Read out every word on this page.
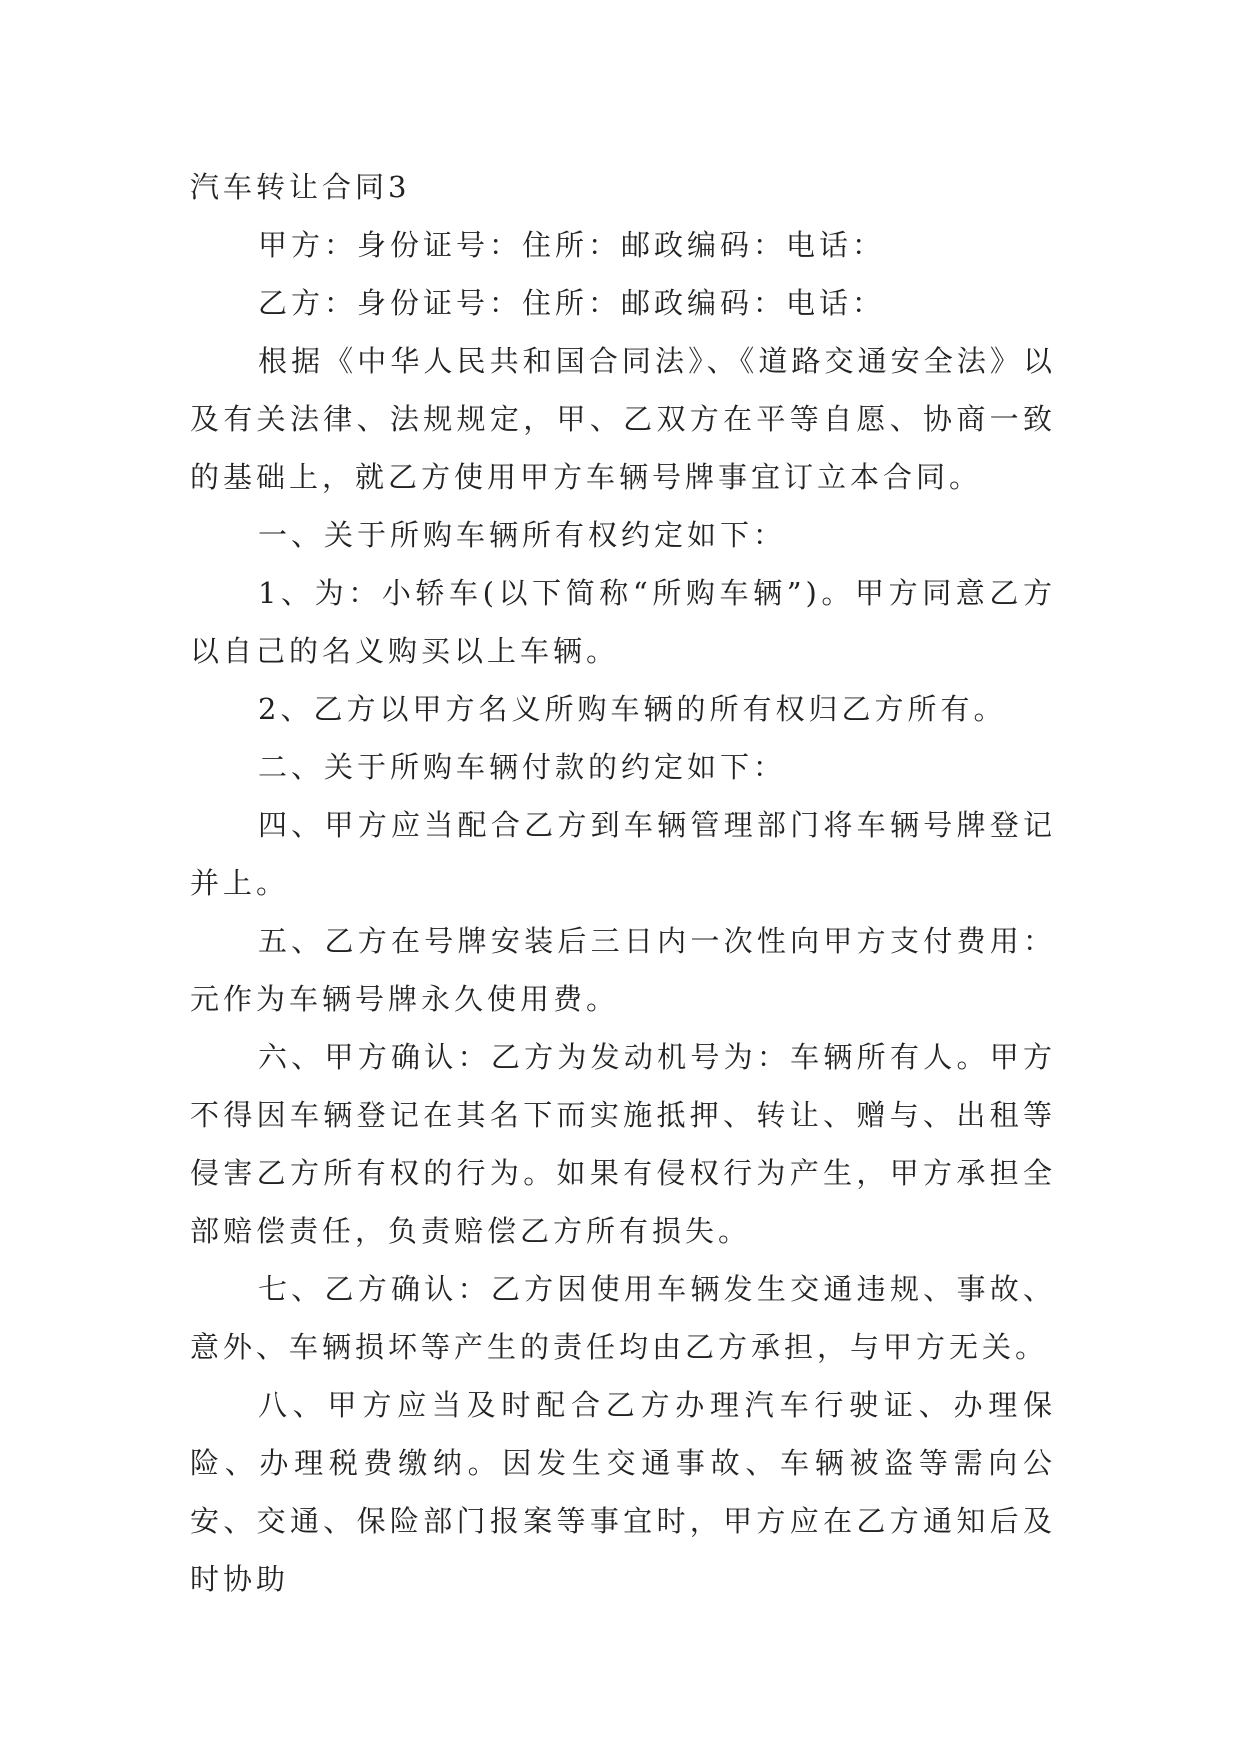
汽车转让合同3

甲方：身份证号：住所：邮政编码：电话：

乙方：身份证号：住所：邮政编码：电话：

根据《中华人民共和国合同法》、《道路交通安全法》以及有关法律、法规规定，甲、乙双方在平等自愿、协商一致的基础上，就乙方使用甲方车辆号牌事宜订立本合同。

一、关于所购车辆所有权约定如下：

1、为：小轿车(以下简称“所购车辆”)。甲方同意乙方以自己的名义购买以上车辆。

2、乙方以甲方名义所购车辆的所有权归乙方所有。

二、关于所购车辆付款的约定如下：

四、甲方应当配合乙方到车辆管理部门将车辆号牌登记并上。

五、乙方在号牌安装后三日内一次性向甲方支付费用：元作为车辆号牌永久使用费。

六、甲方确认：乙方为发动机号为：车辆所有人。甲方不得因车辆登记在其名下而实施抵押、转让、赠与、出租等侵害乙方所有权的行为。如果有侵权行为产生，甲方承担全部赔偿责任，负责赔偿乙方所有损失。

七、乙方确认：乙方因使用车辆发生交通违规、事故、意外、车辆损坏等产生的责任均由乙方承担，与甲方无关。

八、甲方应当及时配合乙方办理汽车行驶证、办理保险、办理税费缴纳。因发生交通事故、车辆被盗等需向公安、交通、保险部门报案等事宜时，甲方应在乙方通知后及时协助
